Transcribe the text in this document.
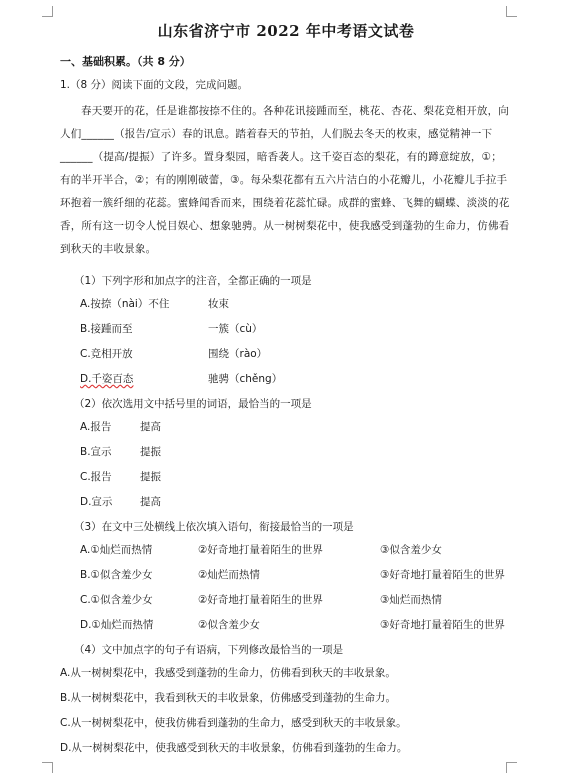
山东省济宁市 2022 年中考语文试卷
一、基础积累。（共 8 分）
1.（8 分）阅读下面的文段，完成问题。
春天要开的花，任是谁都按捺不住的。各种花讯接踵而至，桃花、杏花、梨花竞相开放，向人们______（报告/宣示）春的讯息。踏着春天的节拍，人们脱去冬天的枚束，感觉精神一下______（提高/提振）了许多。置身梨园，暗香袭人。这千姿百态的梨花，有的蹲意绽放，①；有的半开半合，②；有的刚刚破蕾，③。每朵梨花都有五六片洁白的小花瓣儿，小花瓣儿手拉手环抱着一簇纤细的花蕊。蜜蜂闻香而来，围绕着花蕊忙碌。成群的蜜蜂、飞舞的蝴蝶、淡淡的花香，所有这一切令人悦目娱心、想象驰骋。从一树树梨花中，使我感受到蓬勃的生命力，仿佛看到秋天的丰收景象。
（1）下列字形和加点字的注音，全都正确的一项是
A.按捺（nài）不住	妆束
B.接踵而至	一簇（cù）
C.竞相开放	围绕（rào）
D.千姿百态	驰骋（chěng）
（2）依次选用文中括号里的词语，最恰当的一项是
A.报告	提高
B.宣示	提振
C.报告	提振
D.宣示	提高
（3）在文中三处横线上依次填入语句，衔接最恰当的一项是
A.①灿烂而热情	②好奇地打量着陌生的世界	③似含羞少女
B.①似含羞少女	②灿烂而热情	③好奇地打量着陌生的世界
C.①似含羞少女	②好奇地打量着陌生的世界	③灿烂而热情
D.①灿烂而热情	②似含羞少女	③好奇地打量着陌生的世界
（4）文中加点字的句子有语病，下列修改最恰当的一项是
A.从一树树梨花中，我感受到蓬勃的生命力，仿佛看到秋天的丰收景象。
B.从一树树梨花中，我看到秋天的丰收景象，仿佛感受到蓬勃的生命力。
C.从一树树梨花中，使我仿佛看到蓬勃的生命力，感受到秋天的丰收景象。
D.从一树树梨花中，使我感受到秋天的丰收景象，仿佛看到蓬勃的生命力。
